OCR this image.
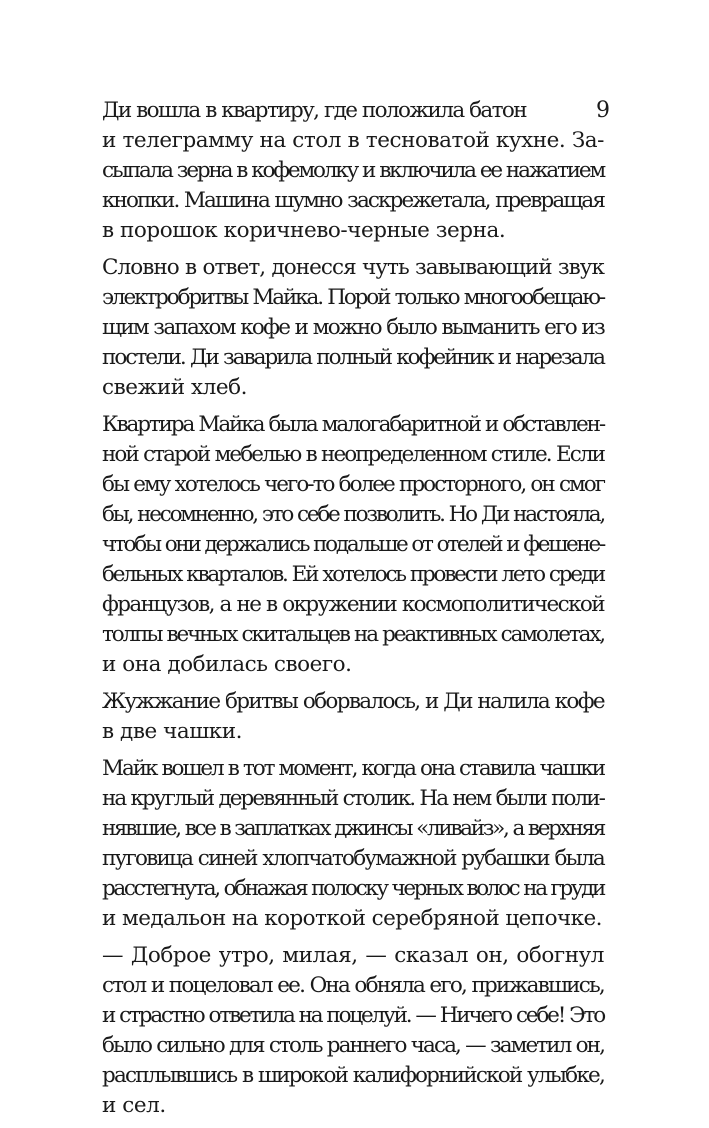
9
Ди вошла в квартиру, где положила батон
и телеграмму на стол в тесноватой кухне. За-
сыпала зерна в кофемолку и включила ее нажатием
кнопки. Машина шумно заскрежетала, превращая
в порошок коричнево-черные зерна.
Словно в ответ, донесся чуть завывающий звук
электробритвы Майка. Порой только многообещаю-
щим запахом кофе и можно было выманить его из
постели. Ди заварила полный кофейник и нарезала
свежий хлеб.
Квартира Майка была малогабаритной и обставлен-
ной старой мебелью в неопределенном стиле. Если
бы ему хотелось чего-то более просторного, он смог
бы, несомненно, это себе позволить. Но Ди настояла,
чтобы они держались подальше от отелей и фешене-
бельных кварталов. Ей хотелось провести лето среди
французов, а не в окружении космополитической
толпы вечных скитальцев на реактивных самолетах,
и она добилась своего.
Жужжание бритвы оборвалось, и Ди налила кофе
в две чашки.
Майк вошел в тот момент, когда она ставила чашки
на круглый деревянный столик. На нем были поли-
нявшие, все в заплатках джинсы «ливайз», а верхняя
пуговица синей хлопчатобумажной рубашки была
расстегнута, обнажая полоску черных волос на груди
и медальон на короткой серебряной цепочке.
— Доброе утро, милая, — сказал он, обогнул
стол и поцеловал ее. Она обняла его, прижавшись,
и страстно ответила на поцелуй. — Ничего себе! Это
было сильно для столь раннего часа, — заметил он,
расплывшись в широкой калифорнийской улыбке,
и сел.
